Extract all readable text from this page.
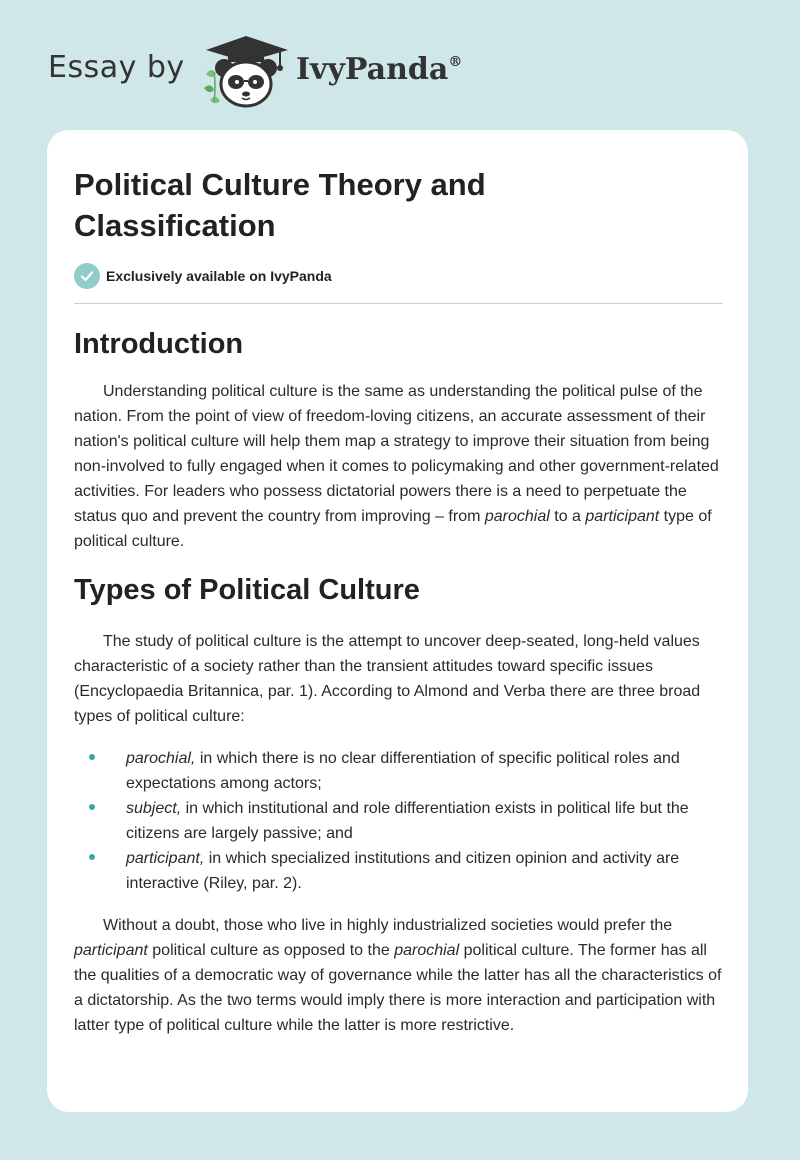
Essay by	IvyPanda®
Political Culture Theory and Classification
Exclusively available on IvyPanda
Introduction

Understanding political culture is the same as understanding the political pulse of the nation. From the point of view of freedom-loving citizens, an accurate assessment of their nation's political culture will help them map a strategy to improve their situation from being non-involved to fully engaged when it comes to policymaking and other government-related activities. For leaders who possess dictatorial powers there is a need to perpetuate the status quo and prevent the country from improving – from parochial to a participant type of political culture.

Types of Political Culture

The study of political culture is the attempt to uncover deep-seated, long-held values characteristic of a society rather than the transient attitudes toward specific issues (Encyclopaedia Britannica, par. 1). According to Almond and Verba there are three broad types of political culture:

parochial, in which there is no clear differentiation of specific political roles and expectations among actors;
subject, in which institutional and role differentiation exists in political life but the citizens are largely passive; and
participant, in which specialized institutions and citizen opinion and activity are interactive (Riley, par. 2).

Without a doubt, those who live in highly industrialized societies would prefer the participant political culture as opposed to the parochial political culture. The former has all the qualities of a democratic way of governance while the latter has all the characteristics of a dictatorship. As the two terms would imply there is more interaction and participation with latter type of political culture while the latter is more restrictive.
